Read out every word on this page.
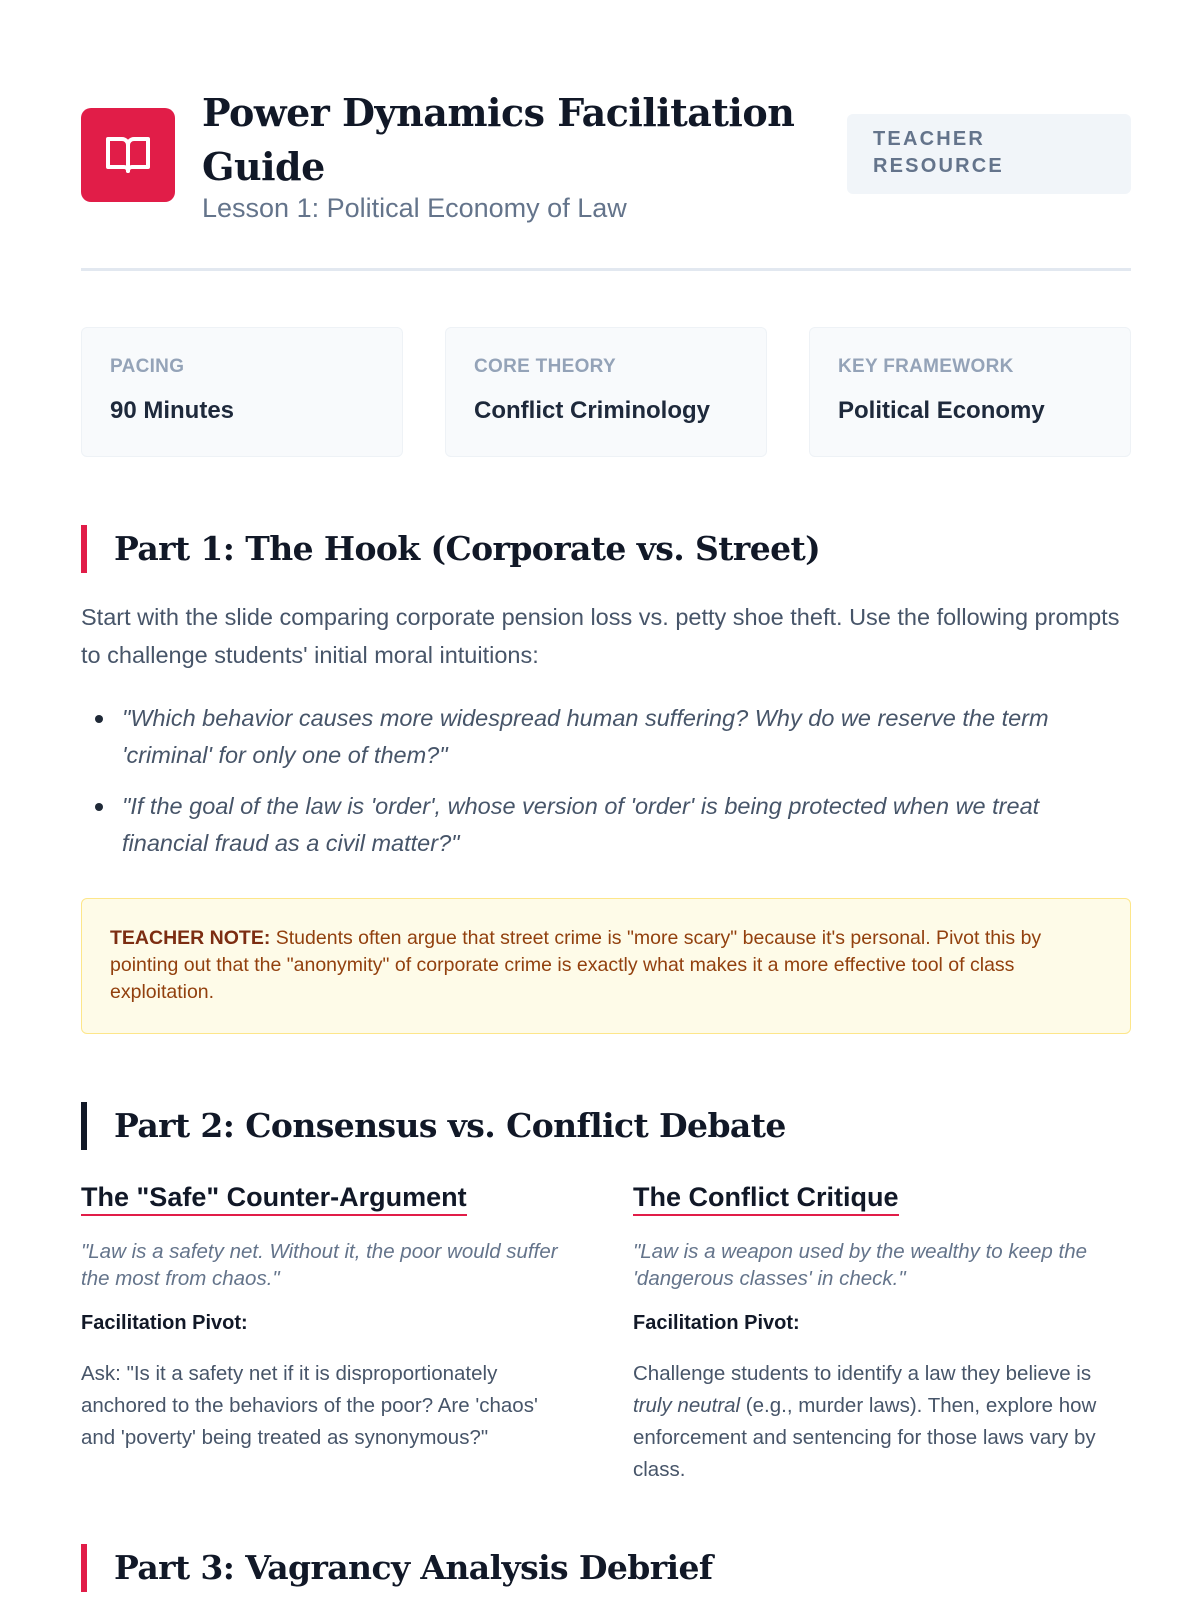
Power Dynamics Facilitation Guide
Lesson 1: Political Economy of Law
TEACHER RESOURCE
PACING
90 Minutes
CORE THEORY
Conflict Criminology
KEY FRAMEWORK
Political Economy
Part 1: The Hook (Corporate vs. Street)

Start with the slide comparing corporate pension loss vs. petty shoe theft. Use the following prompts to challenge students' initial moral intuitions:

"Which behavior causes more widespread human suffering? Why do we reserve the term 'criminal' for only one of them?"
"If the goal of the law is 'order', whose version of 'order' is being protected when we treat financial fraud as a civil matter?"
TEACHER NOTE: Students often argue that street crime is "more scary" because it's personal. Pivot this by pointing out that the "anonymity" of corporate crime is exactly what makes it a more effective tool of class exploitation.
Part 2: Consensus vs. Conflict Debate
The "Safe" Counter-Argument

"Law is a safety net. Without it, the poor would suffer the most from chaos."

Facilitation Pivot:

Ask: "Is it a safety net if it is disproportionately anchored to the behaviors of the poor? Are 'chaos' and 'poverty' being treated as synonymous?"

The Conflict Critique

"Law is a weapon used by the wealthy to keep the 'dangerous classes' in check."

Facilitation Pivot:

Challenge students to identify a law they believe is truly neutral (e.g., murder laws). Then, explore how enforcement and sentencing for those laws vary by class.

Part 3: Vagrancy Analysis Debrief
